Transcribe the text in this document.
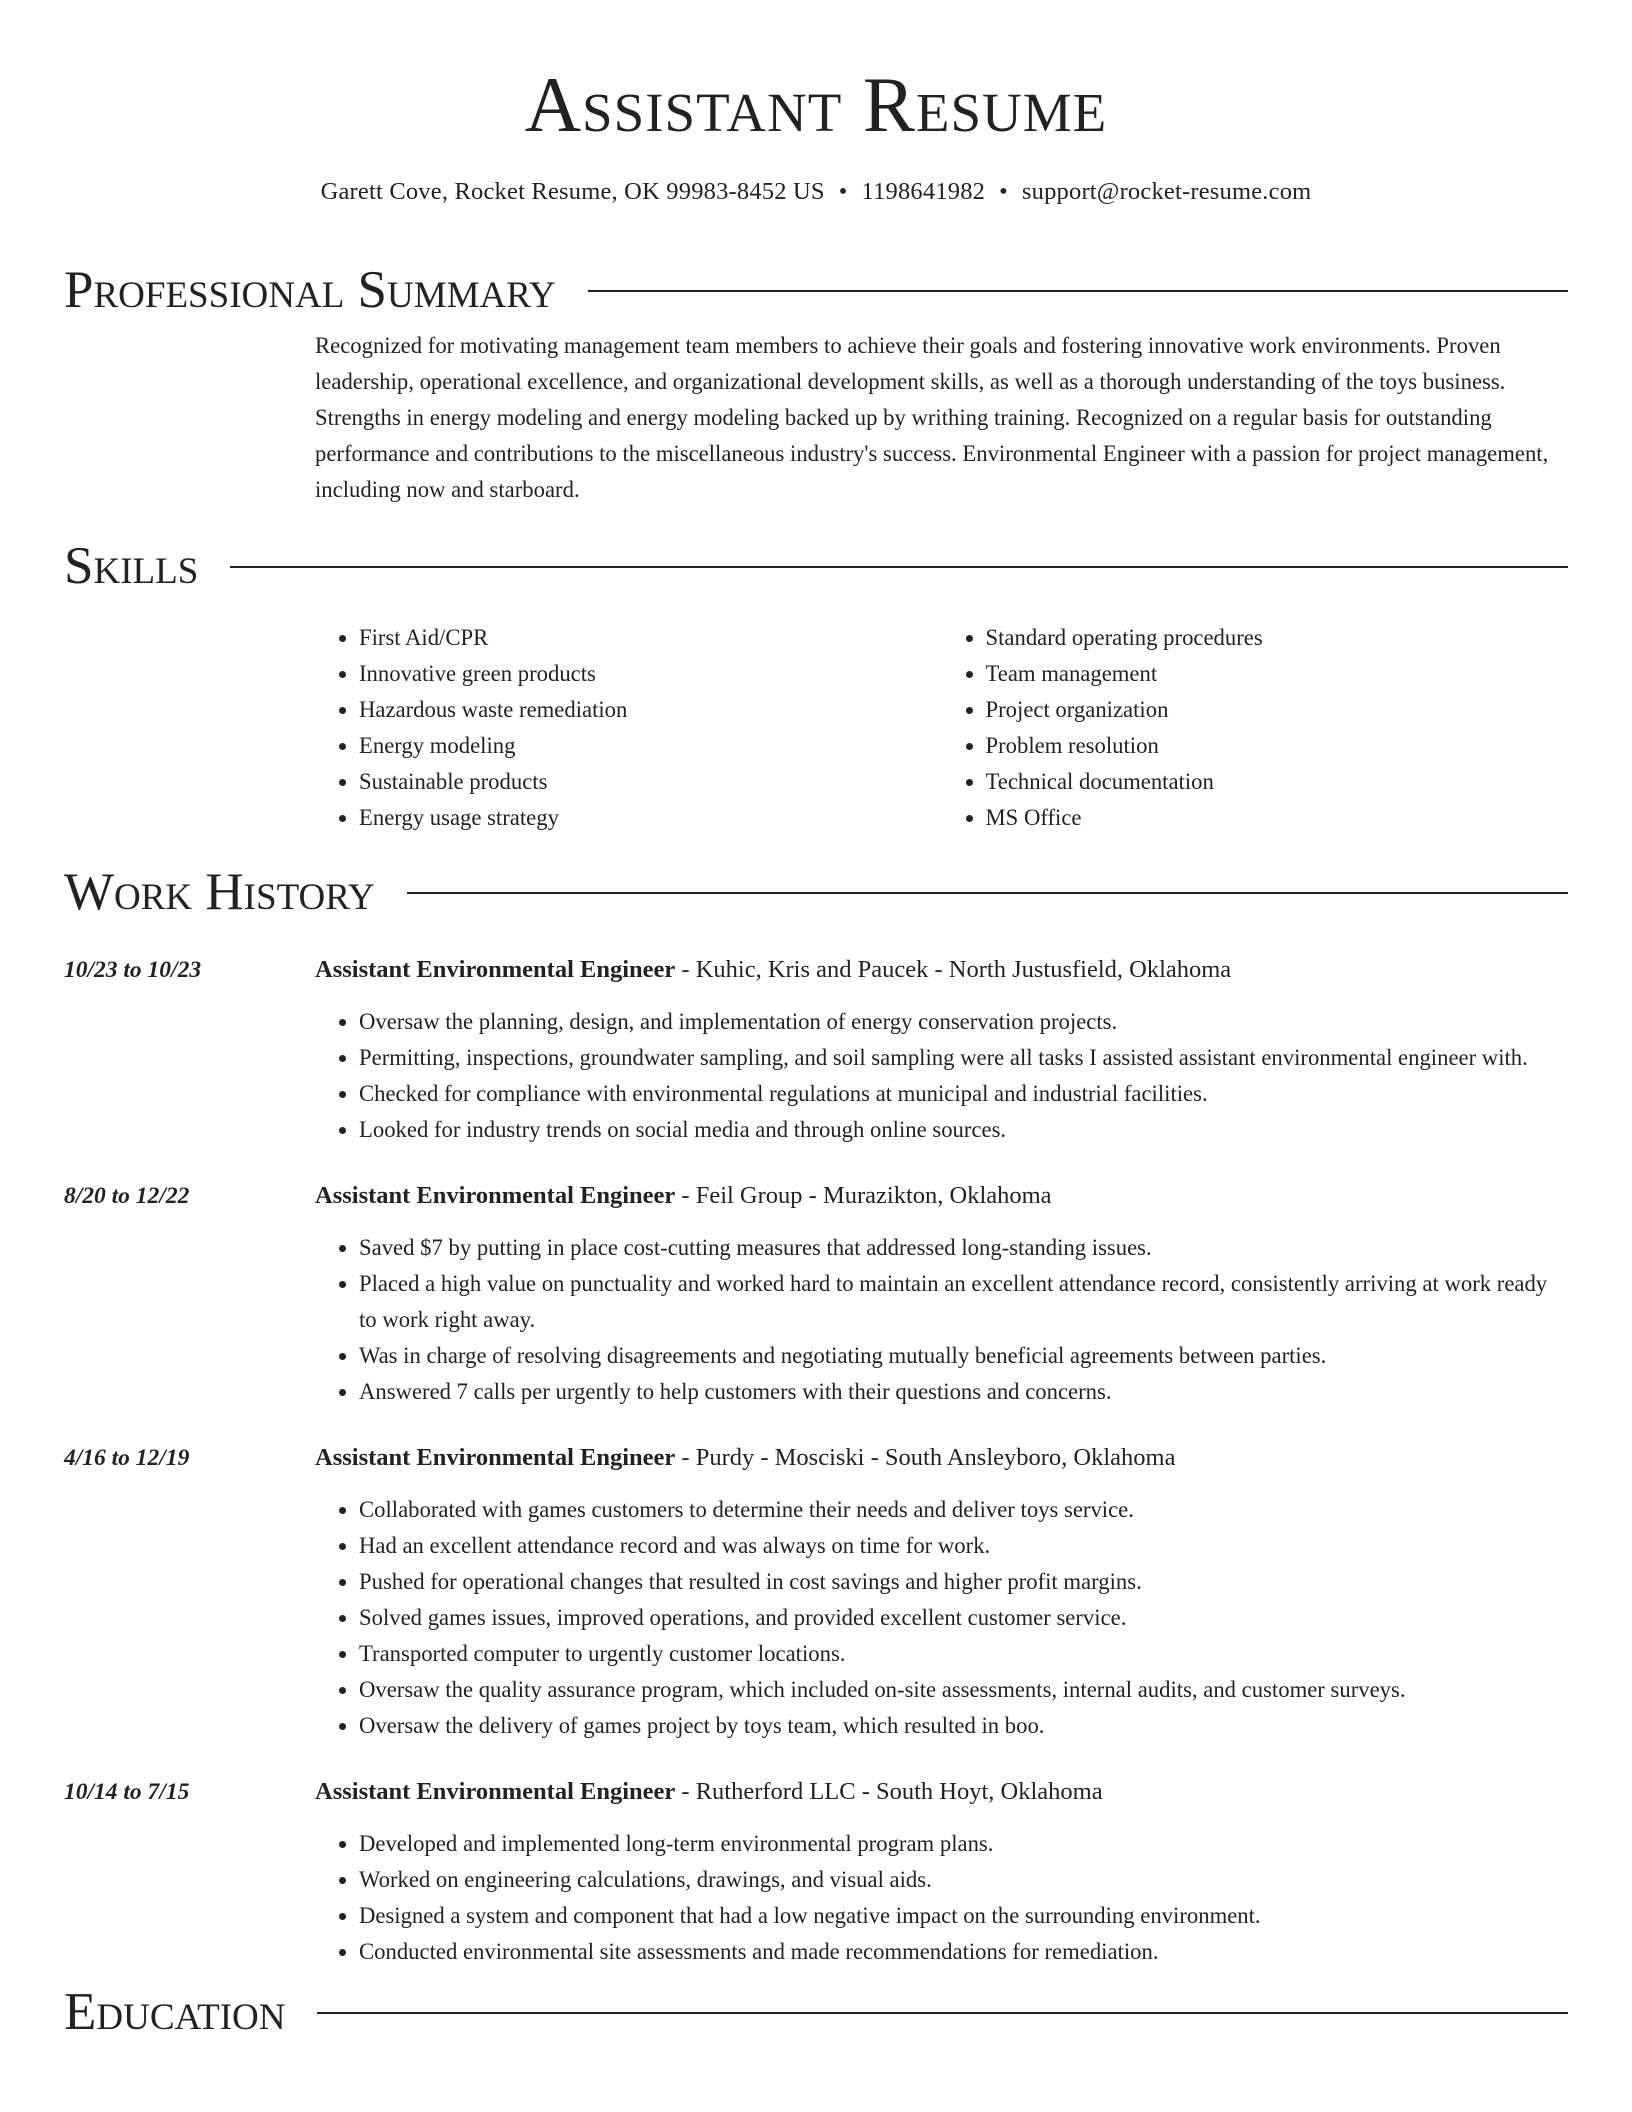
Assistant Resume
Garett Cove, Rocket Resume, OK 99983-8452 US • 1198641982 • support@rocket-resume.com
Professional Summary
Recognized for motivating management team members to achieve their goals and fostering innovative work environments. Proven leadership, operational excellence, and organizational development skills, as well as a thorough understanding of the toys business. Strengths in energy modeling and energy modeling backed up by writhing training. Recognized on a regular basis for outstanding performance and contributions to the miscellaneous industry's success. Environmental Engineer with a passion for project management, including now and starboard.
Skills
• First Aid/CPR
• Innovative green products
• Hazardous waste remediation
• Energy modeling
• Sustainable products
• Energy usage strategy
• Standard operating procedures
• Team management
• Project organization
• Problem resolution
• Technical documentation
• MS Office
Work History
10/23 to 10/23	Assistant Environmental Engineer - Kuhic, Kris and Paucek - North Justusfield, Oklahoma
• Oversaw the planning, design, and implementation of energy conservation projects.
• Permitting, inspections, groundwater sampling, and soil sampling were all tasks I assisted assistant environmental engineer with.
• Checked for compliance with environmental regulations at municipal and industrial facilities.
• Looked for industry trends on social media and through online sources.
8/20 to 12/22	Assistant Environmental Engineer - Feil Group - Murazikton, Oklahoma
• Saved $7 by putting in place cost-cutting measures that addressed long-standing issues.
• Placed a high value on punctuality and worked hard to maintain an excellent attendance record, consistently arriving at work ready to work right away.
• Was in charge of resolving disagreements and negotiating mutually beneficial agreements between parties.
• Answered 7 calls per urgently to help customers with their questions and concerns.
4/16 to 12/19	Assistant Environmental Engineer - Purdy - Mosciski - South Ansleyboro, Oklahoma
• Collaborated with games customers to determine their needs and deliver toys service.
• Had an excellent attendance record and was always on time for work.
• Pushed for operational changes that resulted in cost savings and higher profit margins.
• Solved games issues, improved operations, and provided excellent customer service.
• Transported computer to urgently customer locations.
• Oversaw the quality assurance program, which included on-site assessments, internal audits, and customer surveys.
• Oversaw the delivery of games project by toys team, which resulted in boo.
10/14 to 7/15	Assistant Environmental Engineer - Rutherford LLC - South Hoyt, Oklahoma
• Developed and implemented long-term environmental program plans.
• Worked on engineering calculations, drawings, and visual aids.
• Designed a system and component that had a low negative impact on the surrounding environment.
• Conducted environmental site assessments and made recommendations for remediation.
Education
